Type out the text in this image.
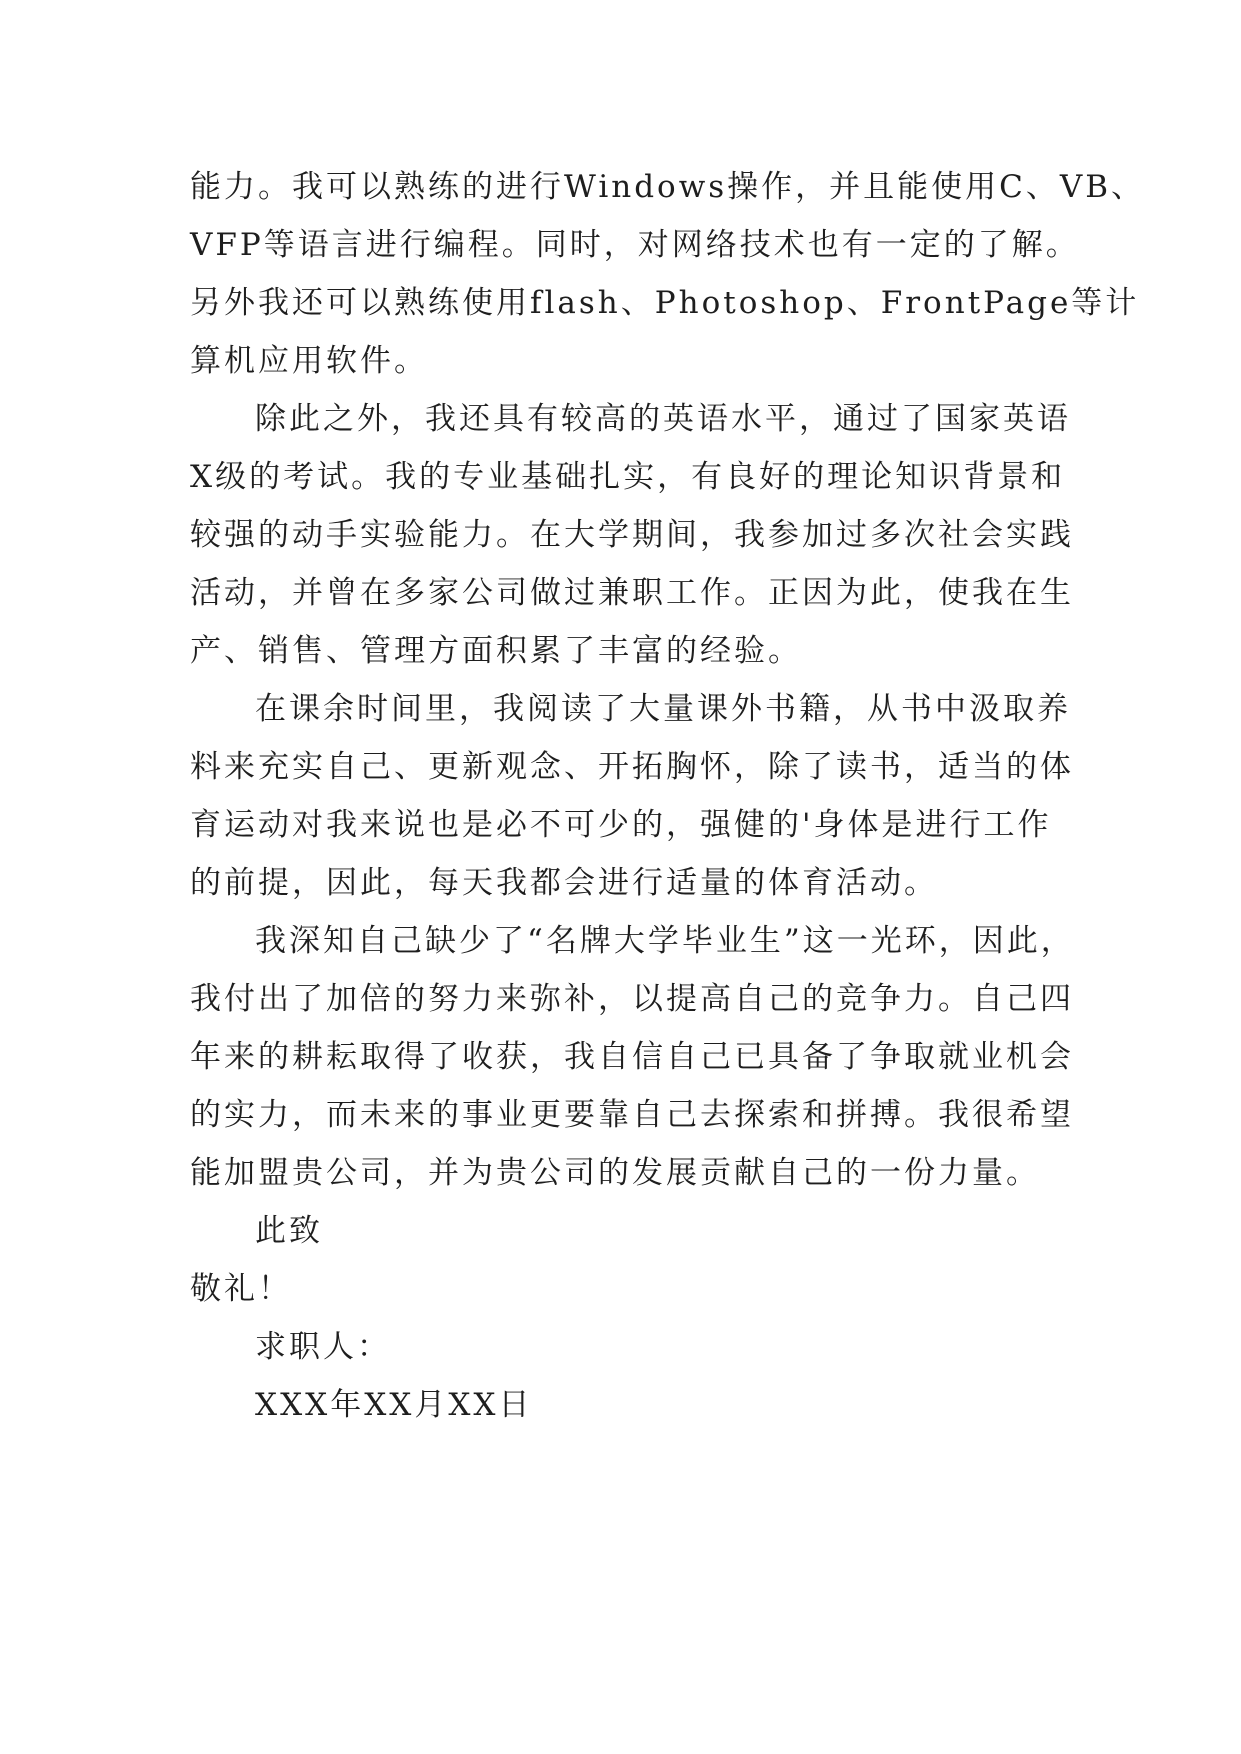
能力。我可以熟练的进行Windows操作，并且能使用C、VB、
VFP等语言进行编程。同时，对网络技术也有一定的了解。
另外我还可以熟练使用flash、Photoshop、FrontPage等计
算机应用软件。
除此之外，我还具有较高的英语水平，通过了国家英语
X级的考试。我的专业基础扎实，有良好的理论知识背景和
较强的动手实验能力。在大学期间，我参加过多次社会实践
活动，并曾在多家公司做过兼职工作。正因为此，使我在生
产、销售、管理方面积累了丰富的经验。
在课余时间里，我阅读了大量课外书籍，从书中汲取养
料来充实自己、更新观念、开拓胸怀，除了读书，适当的体
育运动对我来说也是必不可少的，强健的'身体是进行工作
的前提，因此，每天我都会进行适量的体育活动。
我深知自己缺少了“名牌大学毕业生”这一光环，因此，
我付出了加倍的努力来弥补，以提高自己的竞争力。自己四
年来的耕耘取得了收获，我自信自己已具备了争取就业机会
的实力，而未来的事业更要靠自己去探索和拼搏。我很希望
能加盟贵公司，并为贵公司的发展贡献自己的一份力量。
此致
敬礼！
求职人：
XXX年XX月XX日
